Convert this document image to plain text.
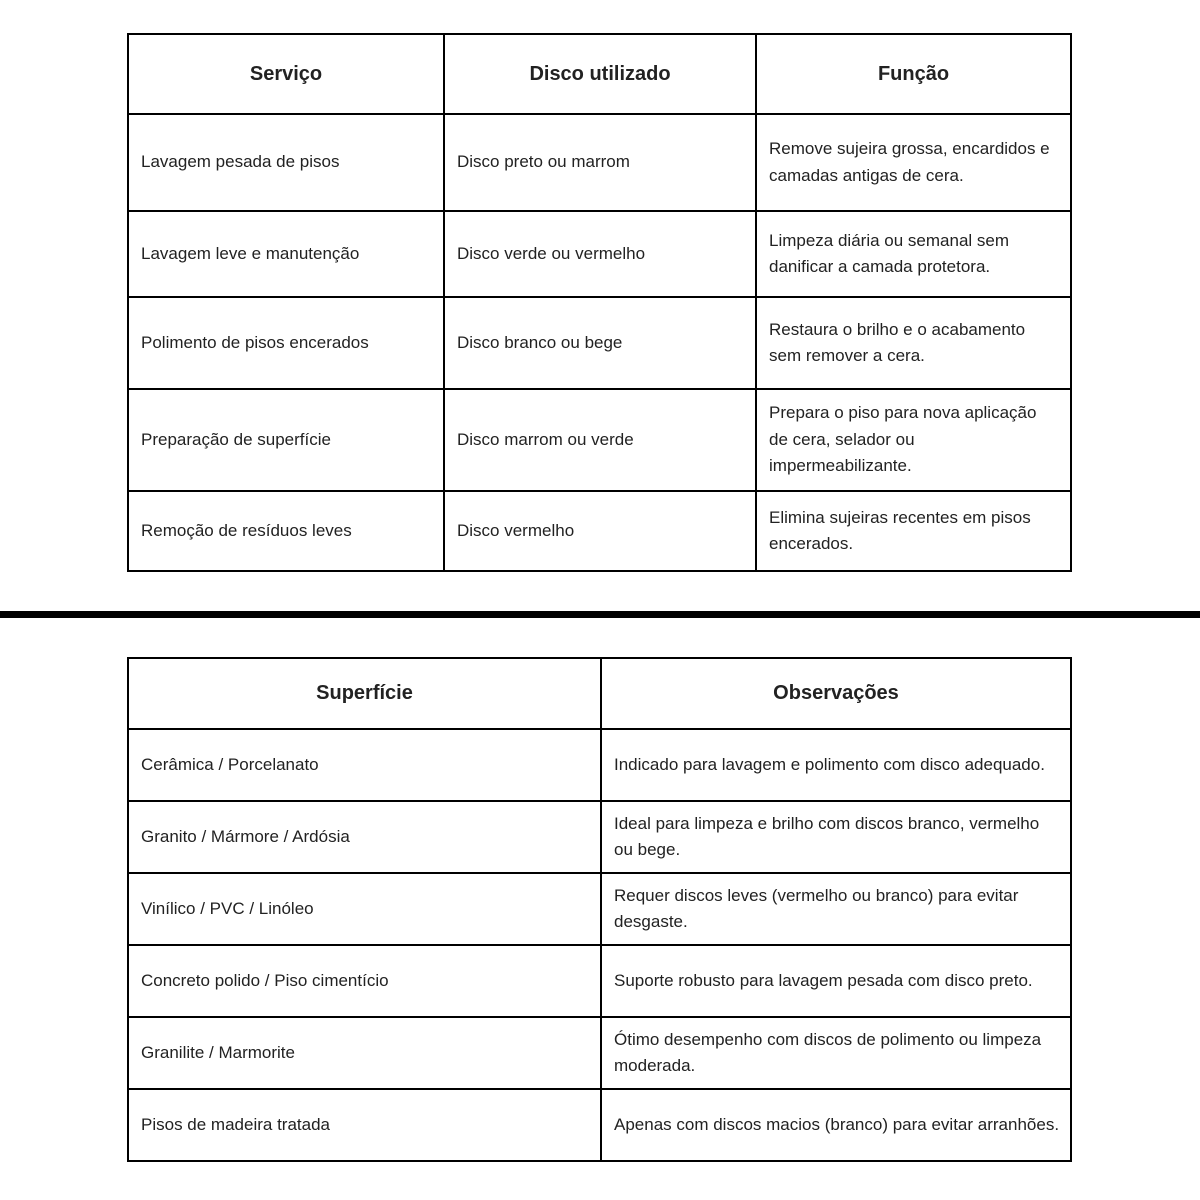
Serviço	Disco utilizado	Função
Lavagem pesada de pisos	Disco preto ou marrom	Remove sujeira grossa, encardidos e camadas antigas de cera.
Lavagem leve e manutenção	Disco verde ou vermelho	Limpeza diária ou semanal sem danificar a camada protetora.
Polimento de pisos encerados	Disco branco ou bege	Restaura o brilho e o acabamento sem remover a cera.
Preparação de superfície	Disco marrom ou verde	Prepara o piso para nova aplicação de cera, selador ou impermeabilizante.
Remoção de resíduos leves	Disco vermelho	Elimina sujeiras recentes em pisos encerados.
Superfície	Observações
Cerâmica / Porcelanato	Indicado para lavagem e polimento com disco adequado.
Granito / Mármore / Ardósia	Ideal para limpeza e brilho com discos branco, vermelho ou bege.
Vinílico / PVC / Linóleo	Requer discos leves (vermelho ou branco) para evitar desgaste.
Concreto polido / Piso cimentício	Suporte robusto para lavagem pesada com disco preto.
Granilite / Marmorite	Ótimo desempenho com discos de polimento ou limpeza moderada.
Pisos de madeira tratada	Apenas com discos macios (branco) para evitar arranhões.
